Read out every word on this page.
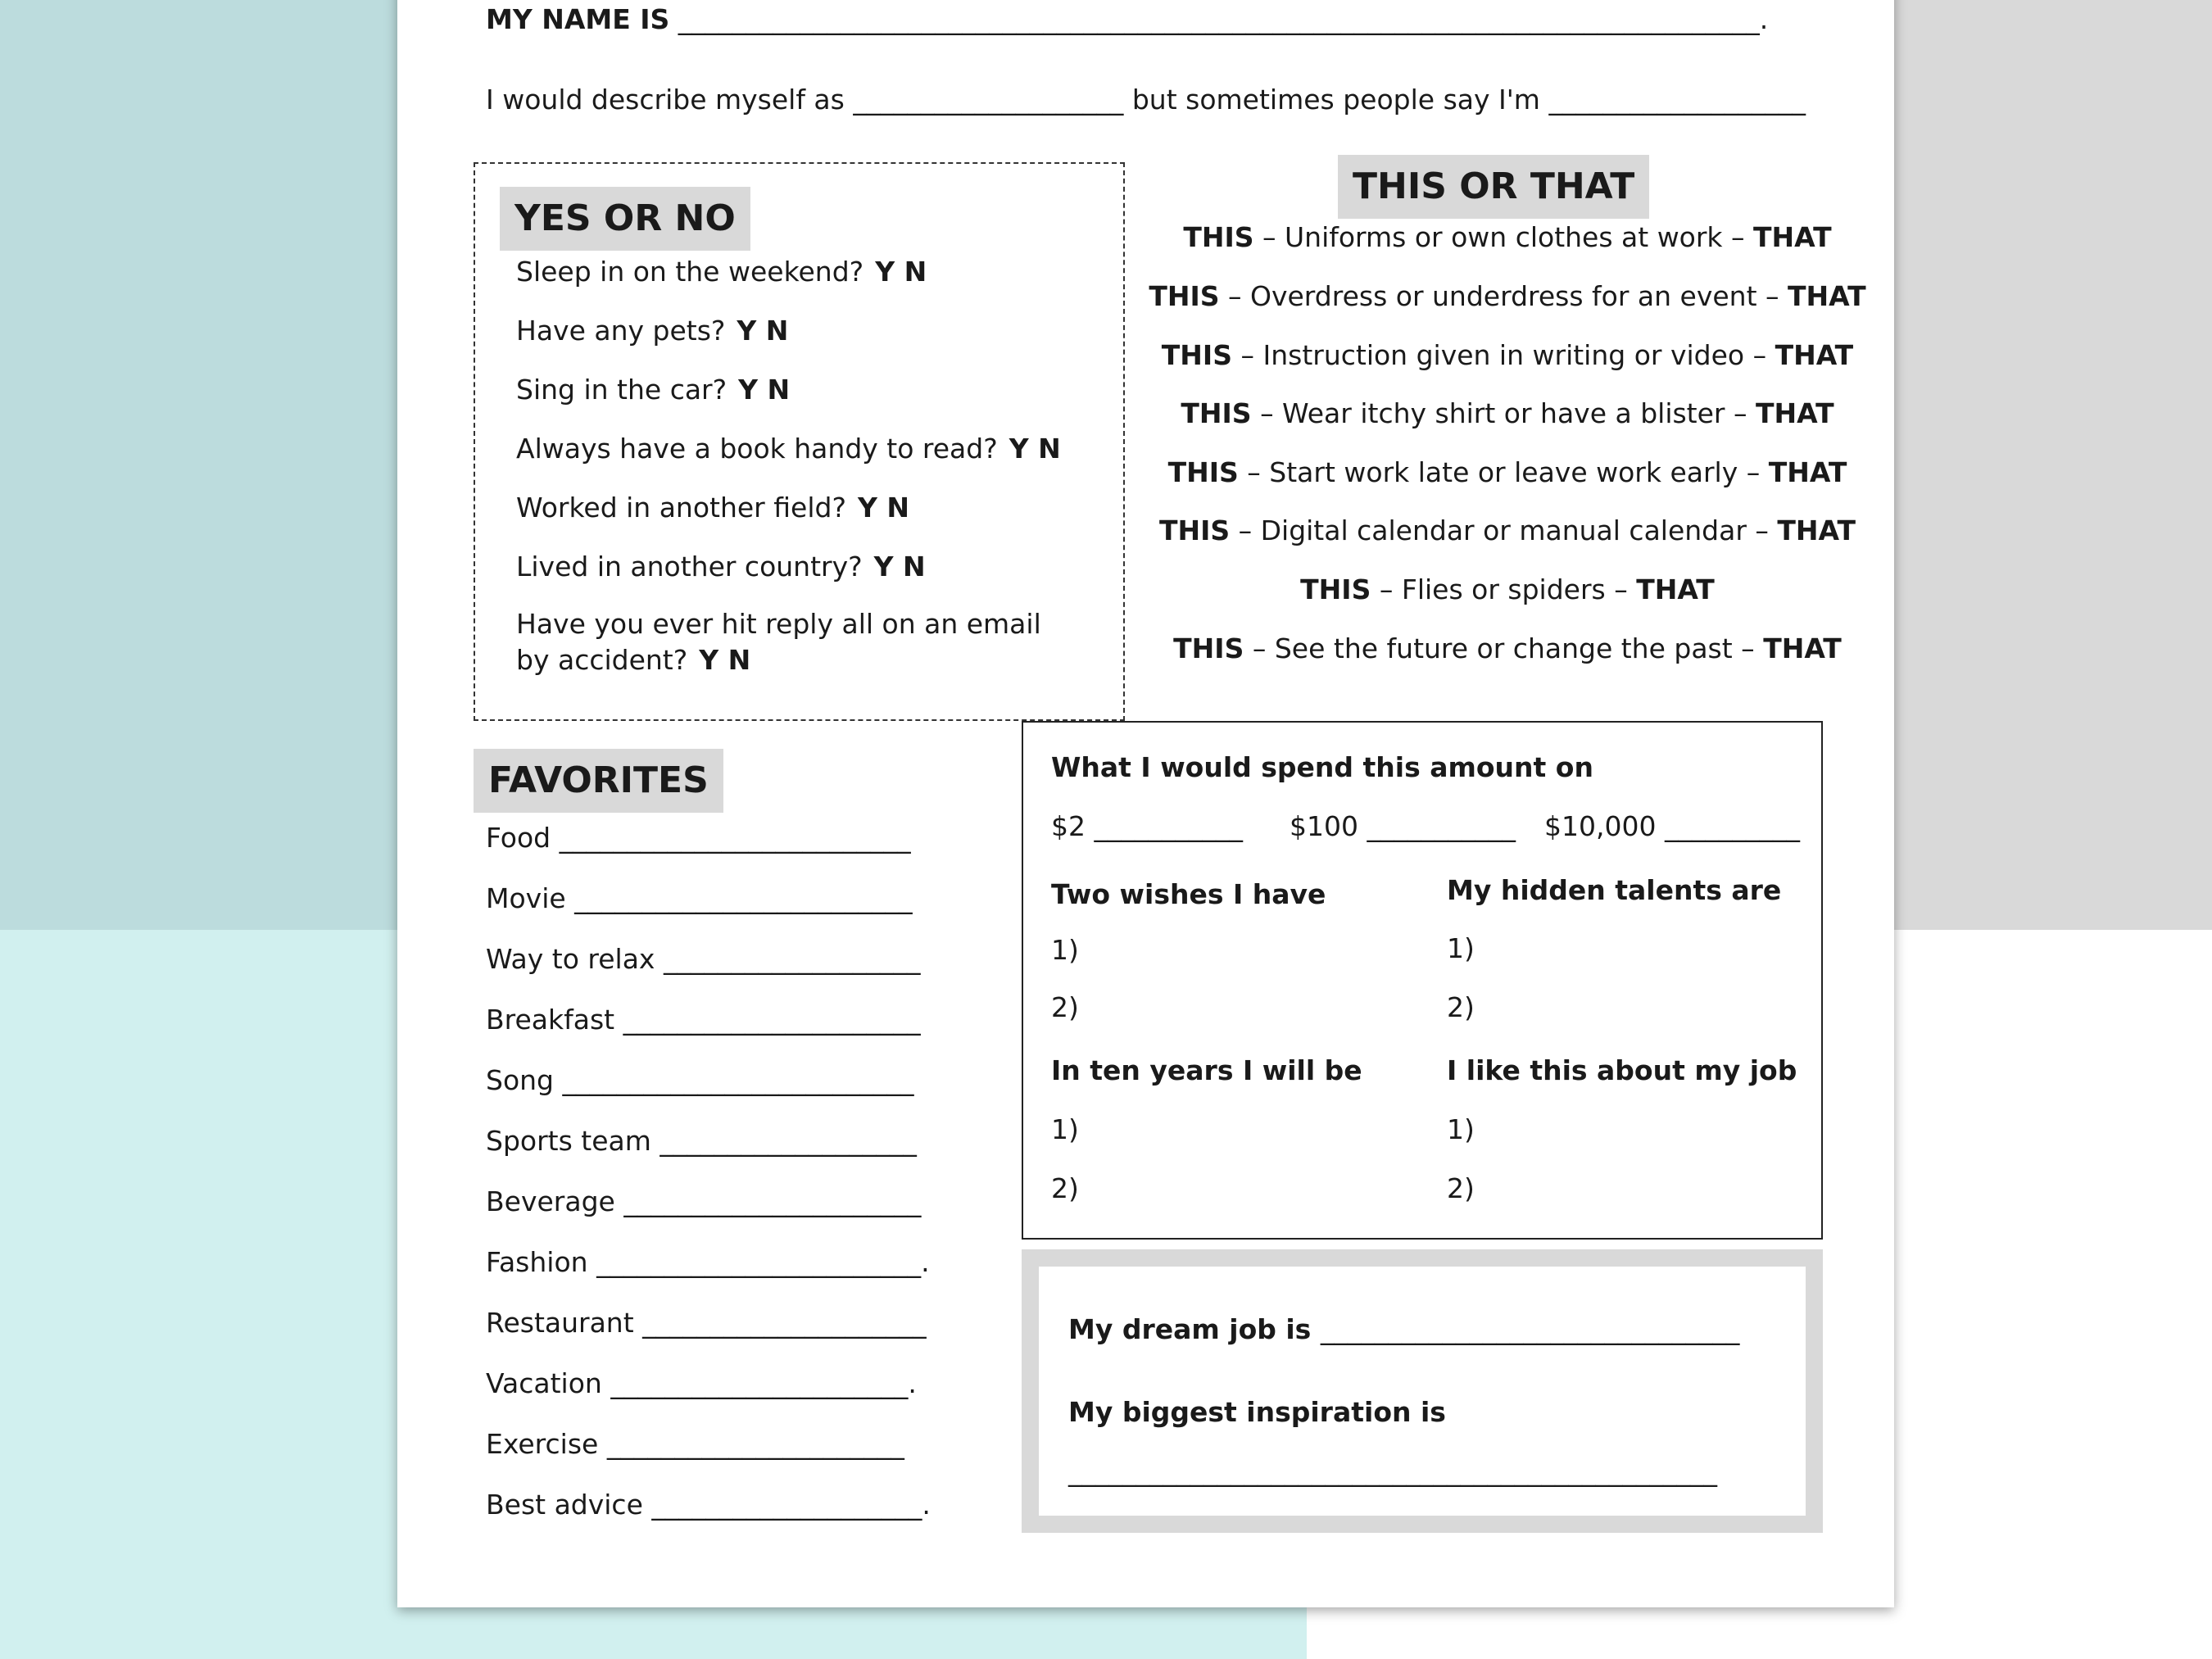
MY NAME IS ________________________________________________________________________________.
I would describe myself as ____________________ but sometimes people say I'm ___________________
YES OR NO
Sleep in on the weekend? Y N
Have any pets? Y N
Sing in the car? Y N
Always have a book handy to read? Y N
Worked in another field? Y N
Lived in another country? Y N
Have you ever hit reply all on an email
by accident? Y N
THIS OR THAT
THIS – Uniforms or own clothes at work – THAT
THIS – Overdress or underdress for an event – THAT
THIS – Instruction given in writing or video – THAT
THIS – Wear itchy shirt or have a blister – THAT
THIS – Start work late or leave work early – THAT
THIS – Digital calendar or manual calendar – THAT
THIS – Flies or spiders – THAT
THIS – See the future or change the past – THAT
FAVORITES
Food __________________________
Movie _________________________
Way to relax ___________________
Breakfast ______________________
Song __________________________
Sports team ___________________
Beverage ______________________
Fashion ________________________.
Restaurant _____________________
Vacation ______________________.
Exercise ______________________
Best advice ____________________.
What I would spend this amount on
$2 ___________ $100 ___________ $10,000 __________
Two wishes I have
1)
2)
My hidden talents are
1)
2)
In ten years I will be
1)
2)
I like this about my job
1)
2)
My dream job is _______________________________
My biggest inspiration is
________________________________________________
